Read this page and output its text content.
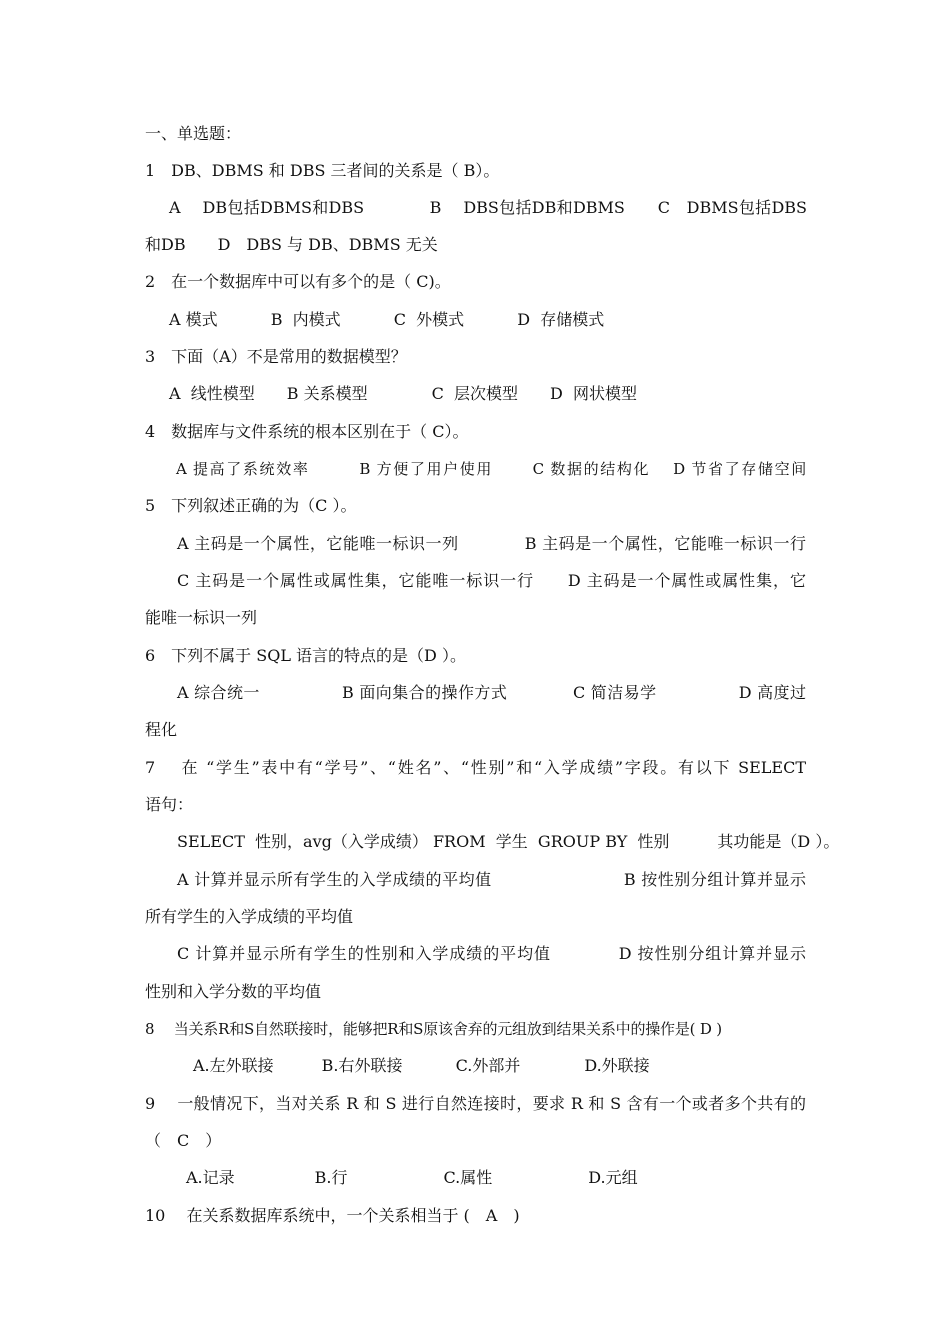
一、单选题：
1　DB、DBMS 和 DBS 三者间的关系是（ B）。
A　 DB包括DBMS和DBS　　　　B　 DBS包括DB和DBMS　　C　DBMS包括DBS
和DB　　D　DBS 与 DB、DBMS 无关
2　在一个数据库中可以有多个的是（ C)。
A 模式　　　 B  内模式　　　 C  外模式　　　 D  存储模式
3　下面（A）不是常用的数据模型？
A  线性模型　　B 关系模型　　　　C  层次模型　　D  网状模型
4　数据库与文件系统的根本区别在于（ C）。
A 提高了系统效率　　　B 方便了用户使用　　 C 数据的结构化　 D 节省了存储空间
5　下列叙述正确的为（C ）。
A 主码是一个属性，它能唯一标识一列　　　　B 主码是一个属性，它能唯一标识一行
C 主码是一个属性或属性集，它能唯一标识一行　　D 主码是一个属性或属性集，它
能唯一标识一列
6　下列不属于 SQL 语言的特点的是（D ）。
A 综合统一　　　　　B 面向集合的操作方式　　　　C 简洁易学　　　　　D 高度过
程化
7　 在 “学生”表中有“学号”、“姓名”、“性别”和“入学成绩”字段。有以下 SELECT
语句：
SELECT  性别，avg（入学成绩） FROM  学生  GROUP BY  性别　　　其功能是（D ）。
A 计算并显示所有学生的入学成绩的平均值　　　　　　　　B 按性别分组计算并显示
所有学生的入学成绩的平均值
C 计算并显示所有学生的性别和入学成绩的平均值　　　　D 按性别分组计算并显示
性别和入学分数的平均值
8　 当关系R和S自然联接时，能够把R和S原该舍弃的元组放到结果关系中的操作是( D )
A.左外联接　　　B.右外联接　　　 C.外部并　　　　D.外联接
9　 一般情况下，当对关系 R 和 S 进行自然连接时，要求 R 和 S 含有一个或者多个共有的
（　C　）
A.记录　　　　　B.行　　　　　　C.属性　　　　　　D.元组
10　 在关系数据库系统中，一个关系相当于 (　A　)
